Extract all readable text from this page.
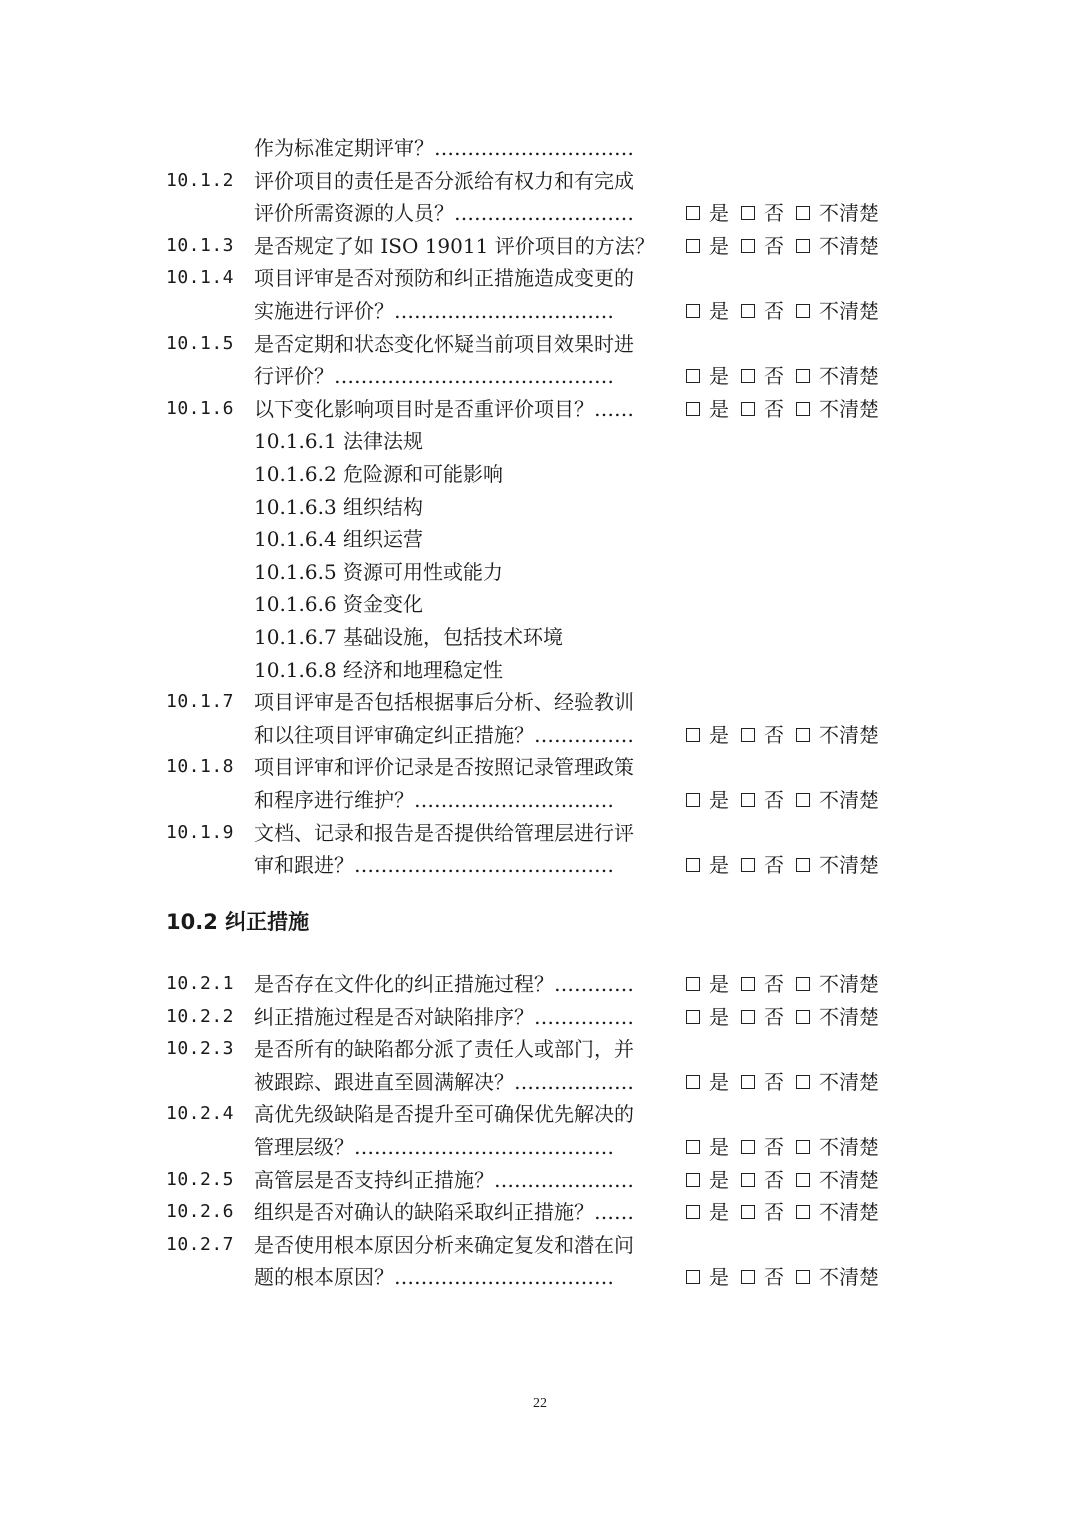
作为标准定期评审？…………………………
10.1.2 评价项目的责任是否分派给有权力和有完成
评价所需资源的人员？………………………	是 否 不清楚
10.1.3 是否规定了如 ISO 19011 评价项目的方法？	是 否 不清楚
10.1.4 项目评审是否对预防和纠正措施造成变更的
实施进行评价？……………………………	是 否 不清楚
10.1.5 是否定期和状态变化怀疑当前项目效果时进
行评价？……………………………………	是 否 不清楚
10.1.6 以下变化影响项目时是否重评价项目？……	是 否 不清楚
10.1.6.1 法律法规
10.1.6.2 危险源和可能影响
10.1.6.3 组织结构
10.1.6.4 组织运营
10.1.6.5 资源可用性或能力
10.1.6.6 资金变化
10.1.6.7 基础设施，包括技术环境
10.1.6.8 经济和地理稳定性
10.1.7 项目评审是否包括根据事后分析、经验教训
和以往项目评审确定纠正措施？……………	是 否 不清楚
10.1.8 项目评审和评价记录是否按照记录管理政策
和程序进行维护？…………………………	是 否 不清楚
10.1.9 文档、记录和报告是否提供给管理层进行评
审和跟进？…………………………………	是 否 不清楚
10.2 纠正措施
10.2.1 是否存在文件化的纠正措施过程？…………	是 否 不清楚
10.2.2 纠正措施过程是否对缺陷排序？……………	是 否 不清楚
10.2.3 是否所有的缺陷都分派了责任人或部门，并
被跟踪、跟进直至圆满解决？………………	是 否 不清楚
10.2.4 高优先级缺陷是否提升至可确保优先解决的
管理层级？…………………………………	是 否 不清楚
10.2.5 高管层是否支持纠正措施？…………………	是 否 不清楚
10.2.6 组织是否对确认的缺陷采取纠正措施？……	是 否 不清楚
10.2.7 是否使用根本原因分析来确定复发和潜在问
题的根本原因？……………………………	是 否 不清楚
22
